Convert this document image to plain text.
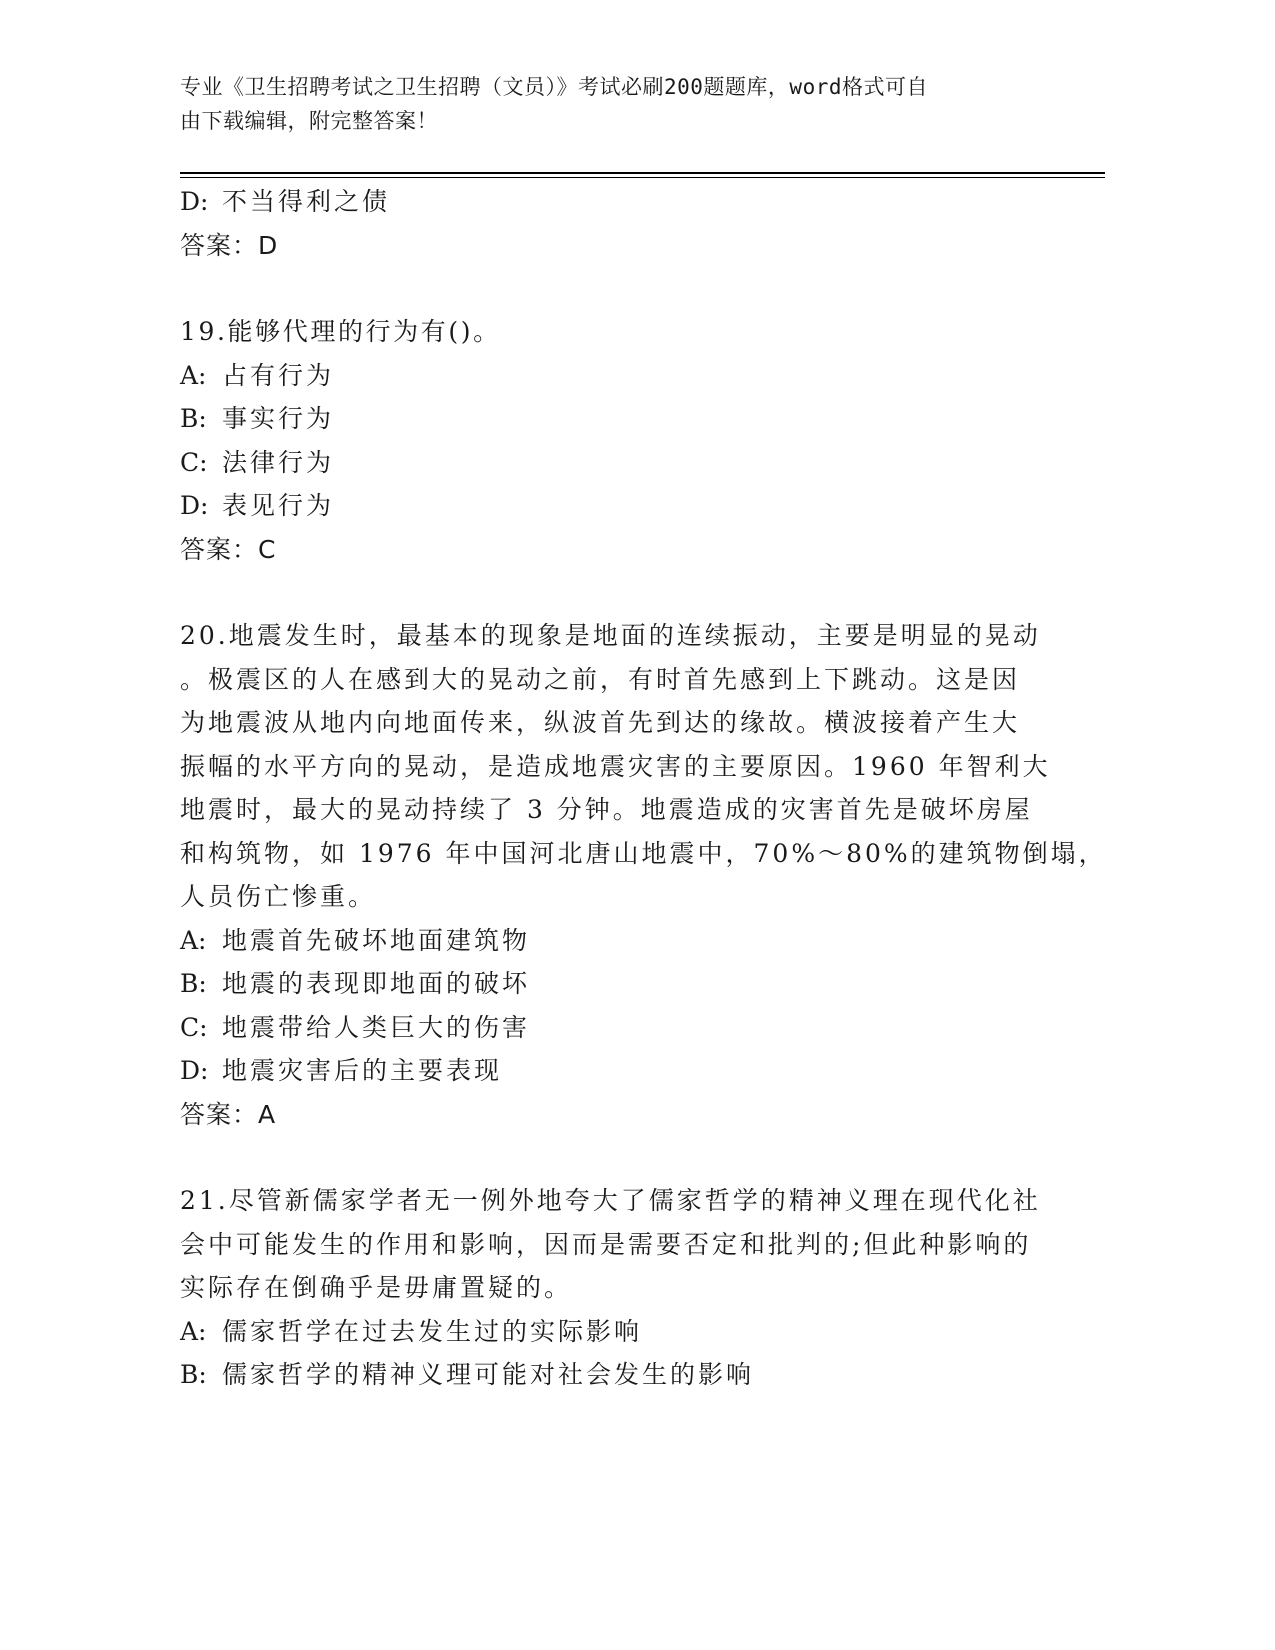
专业《卫生招聘考试之卫生招聘（文员）》考试必刷200题题库，word格式可自
由下载编辑，附完整答案！

D: 不当得利之债

答案：D

19.能够代理的行为有()。

A: 占有行为

B: 事实行为

C: 法律行为

D: 表见行为

答案：C

20.地震发生时，最基本的现象是地面的连续振动，主要是明显的晃动

。极震区的人在感到大的晃动之前，有时首先感到上下跳动。这是因

为地震波从地内向地面传来，纵波首先到达的缘故。横波接着产生大

振幅的水平方向的晃动，是造成地震灾害的主要原因。1960 年智利大

地震时，最大的晃动持续了 3 分钟。地震造成的灾害首先是破坏房屋

和构筑物，如 1976 年中国河北唐山地震中，70%～80%的建筑物倒塌，

人员伤亡惨重。

A: 地震首先破坏地面建筑物

B: 地震的表现即地面的破坏

C: 地震带给人类巨大的伤害

D: 地震灾害后的主要表现

答案：A

21.尽管新儒家学者无一例外地夸大了儒家哲学的精神义理在现代化社

会中可能发生的作用和影响，因而是需要否定和批判的;但此种影响的

实际存在倒确乎是毋庸置疑的。

A: 儒家哲学在过去发生过的实际影响

B: 儒家哲学的精神义理可能对社会发生的影响
